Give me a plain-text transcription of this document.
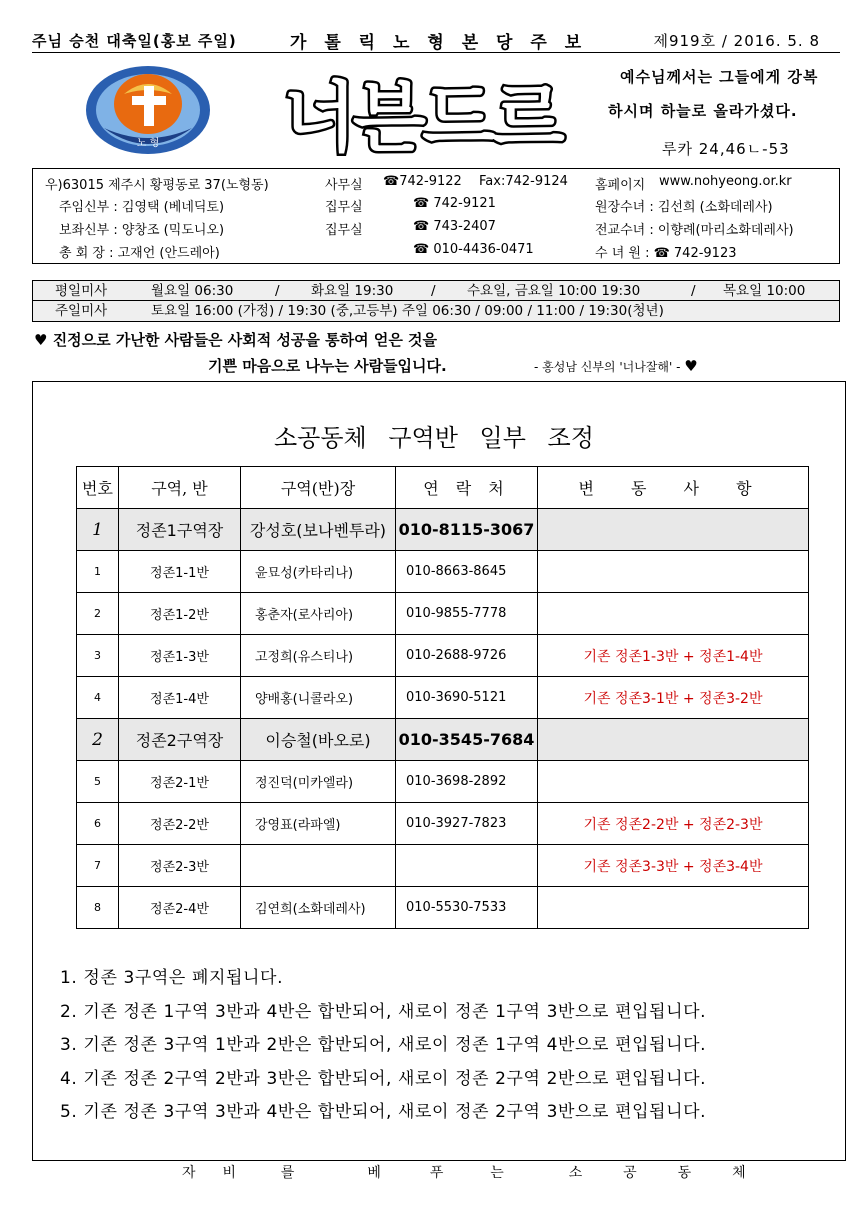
주님 승천 대축일(홍보 주일)	가 톨 릭 노 형 본 당 주 보	제919호 / 2016. 5. 8
노 형 너븐드르	예수님께서는 그들에게 강복
하시며 하늘로 올라가셨다.
루카 24,46ㄴ-53
우)63015 제주시 황평동로 37(노형동)	사무실 ☎742-9122 Fax:742-9124 홈페이지 www.nohyeong.or.kr
주임신부 : 김영택 (베네딕토)	집무실	☎ 742-9121	원장수녀 : 김선희 (소화데레사)
보좌신부 : 양창조 (믹도니오)	집무실	☎ 743-2407	전교수녀 : 이향례(마리소화데레사)
총 회 장 : 고재언 (안드레아)	☎ 010-4436-0471	수 녀 원 : ☎ 742-9123
평일미사	월요일 06:30	/ 화요일 19:30	/ 수요일, 금요일 10:00 19:30	/ 목요일 10:00
주일미사	토요일 16:00 (가정) / 19:30 (중,고등부) 주일 06:30 / 09:00 / 11:00 / 19:30(청년)
♥ 진정으로 가난한 사람들은 사회적 성공을 통하여 얻은 것을
기쁜 마음으로 나누는 사람들입니다.	- 홍성남 신부의 '너나잘해' - ♥
소공동체 구역반 일부 조정
번호	구역, 반	구역(반)장	연 락 처	변 동 사 항
1	정존1구역장	강성호(보나벤투라)	010-8115-3067	
1	정존1-1반	윤묘성(카타리나)	010-8663-8645	
2	정존1-2반	홍춘자(로사리아)	010-9855-7778	
3	정존1-3반	고정희(유스티나)	010-2688-9726	기존 정존1-3반 + 정존1-4반
4	정존1-4반	양배홍(니콜라오)	010-3690-5121	기존 정존3-1반 + 정존3-2반
2	정존2구역장	이승철(바오로)	010-3545-7684	
5	정존2-1반	정진덕(미카엘라)	010-3698-2892	
6	정존2-2반	강영표(라파엘)	010-3927-7823	기존 정존2-2반 + 정존2-3반
7	정존2-3반			기존 정존3-3반 + 정존3-4반
8	정존2-4반	김연희(소화데레사)	010-5530-7533	
1. 정존 3구역은 폐지됩니다.
2. 기존 정존 1구역 3반과 4반은 합반되어, 새로이 정존 1구역 3반으로 편입됩니다.
3. 기존 정존 3구역 1반과 2반은 합반되어, 새로이 정존 1구역 4반으로 편입됩니다.
4. 기존 정존 2구역 2반과 3반은 합반되어, 새로이 정존 2구역 2반으로 편입됩니다.
5. 기존 정존 3구역 3반과 4반은 합반되어, 새로이 정존 2구역 3반으로 편입됩니다.
자 비	를	베	푸	는	소	공	동	체
